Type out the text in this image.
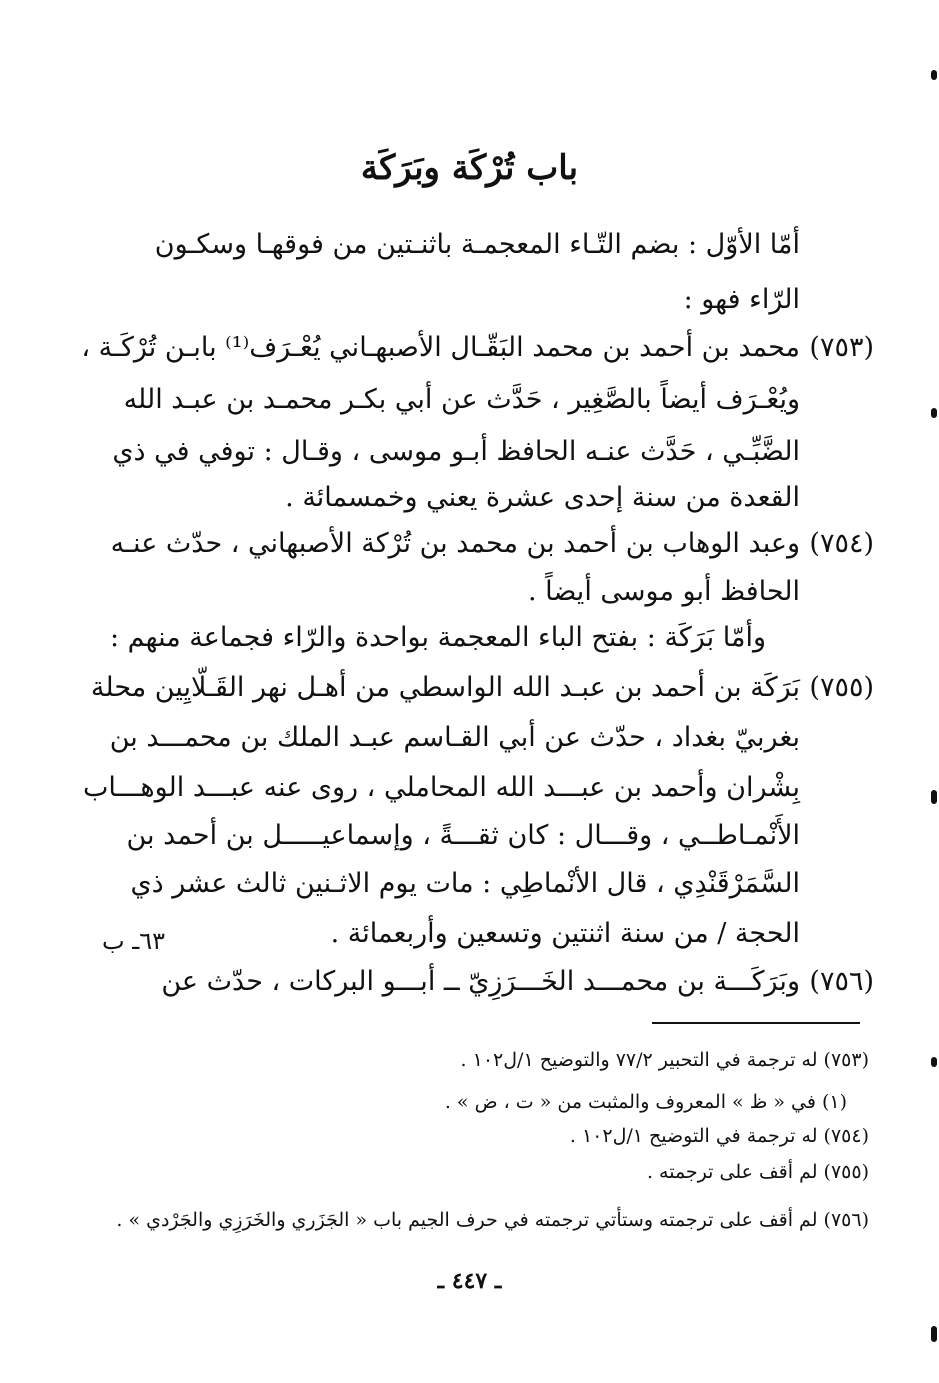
باب تُرْكَة وبَرَكَة
أمّا الأوّل : بضم التّـاء المعجمـة باثنـتين من فوقهـا وسكـون
الرّاء فهو :
(٧٥٣)
محمد بن أحمد بن محمد البَقّـال الأصبهـاني يُعْـرَف⁽¹⁾ بابـن تُرْكَـة ،
ويُعْـرَف أيضاً بالصَّغِير ، حَدَّث عن أبي بكـر محمـد بن عبـد الله
الضَّبِّـي ، حَدَّث عنـه الحافظ أبـو موسى ، وقـال : توفي في ذي
القعدة من سنة إحدى عشرة يعني وخمسمائة .
(٧٥٤)
وعبد الوهاب بن أحمد بن محمد بن تُرْكة الأصبهاني ، حدّث عنـه
الحافظ أبو موسى أيضاً .
وأمّا بَرَكَة : بفتح الباء المعجمة بواحدة والرّاء فجماعة منهم :
(٧٥٥)
بَرَكَة بن أحمد بن عبـد الله الواسطي من أهـل نهر القَـلّايِين محلة
بغربيّ بغداد ، حدّث عن أبي القـاسم عبـد الملك بن محمـــد بن
بِشْران وأحمد بن عبـــد الله المحاملي ، روى عنه عبـــد الوهـــاب
الأَنْمـاطــي ، وقـــال : كان ثقـــةً ، وإسماعيـــــل بن أحمد بن
السَّمَرْقَنْدِي ، قال الأنْماطِي : مات يوم الاثـنين ثالث عشر ذي
الحجة / من سنة اثنتين وتسعين وأربعمائة .
٦٣ـ ب
(٧٥٦)
وبَرَكَـــة بن محمـــد الخَـــرَزِيّ ــ أبـــو البركات ، حدّث عن
(٧٥٣) له ترجمة في التحبير ٧٧/٢ والتوضيح ١/ل١٠٢ .
(١) في « ظ » المعروف والمثبت من « ت ، ض » .
(٧٥٤) له ترجمة في التوضيح ١/ل١٠٢ .
(٧٥٥) لم أقف على ترجمته .
(٧٥٦) لم أقف على ترجمته وستأتي ترجمته في حرف الجيم باب « الجَزَري والخَرَزِي والجَرْدي » .
ـ ٤٤٧ ـ
